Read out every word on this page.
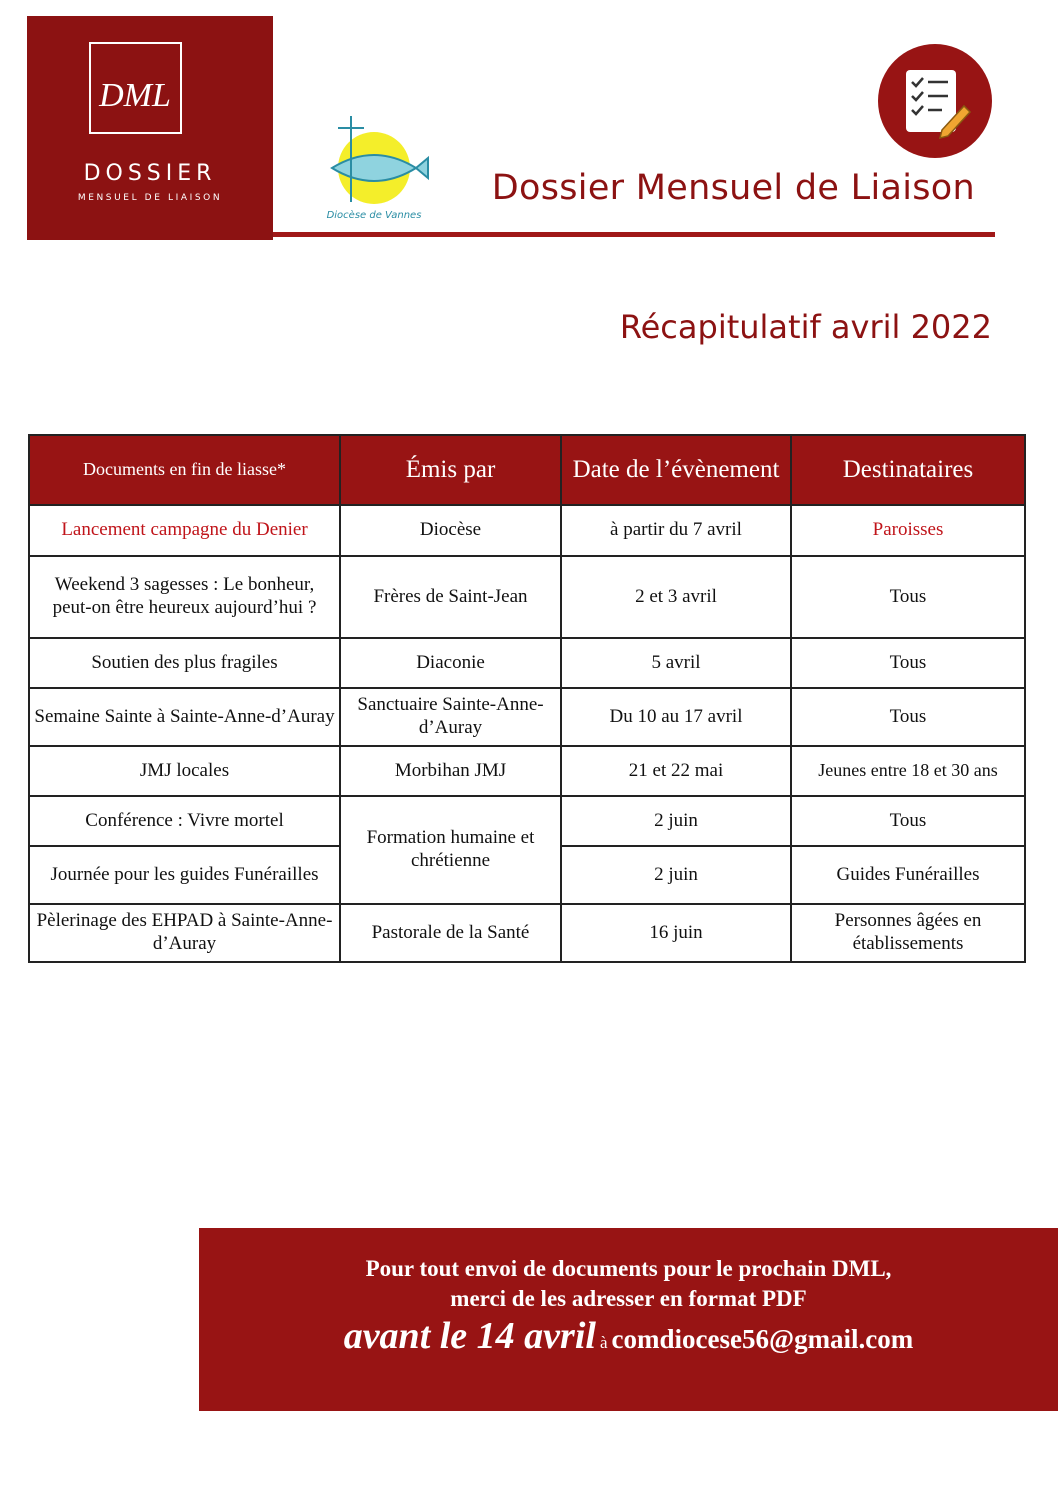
DML
DOSSIER
MENSUEL DE LIAISON
Diocèse de Vannes
Dossier Mensuel de Liaison
Récapitulatif avril 2022
Documents en fin de liasse*	Émis par	Date de l’évènement	Destinataires
Lancement campagne du Denier	Diocèse	à partir du 7 avril	Paroisses
Weekend 3 sagesses : Le bonheur, peut-on être heureux aujourd’hui ?	Frères de Saint-Jean	2 et 3 avril	Tous
Soutien des plus fragiles	Diaconie	5 avril	Tous
Semaine Sainte à Sainte-Anne-d’Auray	Sanctuaire Sainte-Anne-d’Auray	Du 10 au 17 avril	Tous
JMJ locales	Morbihan JMJ	21 et 22 mai	Jeunes entre 18 et 30 ans
Conférence : Vivre mortel	Formation humaine et chrétienne	2 juin	Tous
Journée pour les guides Funérailles		2 juin	Guides Funérailles
Pèlerinage des EHPAD à Sainte-Anne-d’Auray	Pastorale de la Santé	16 juin	Personnes âgées en établissements
Pour tout envoi de documents pour le prochain DML,
merci de les adresser en format PDF
avant le 14 avril à comdiocese56@gmail.com
